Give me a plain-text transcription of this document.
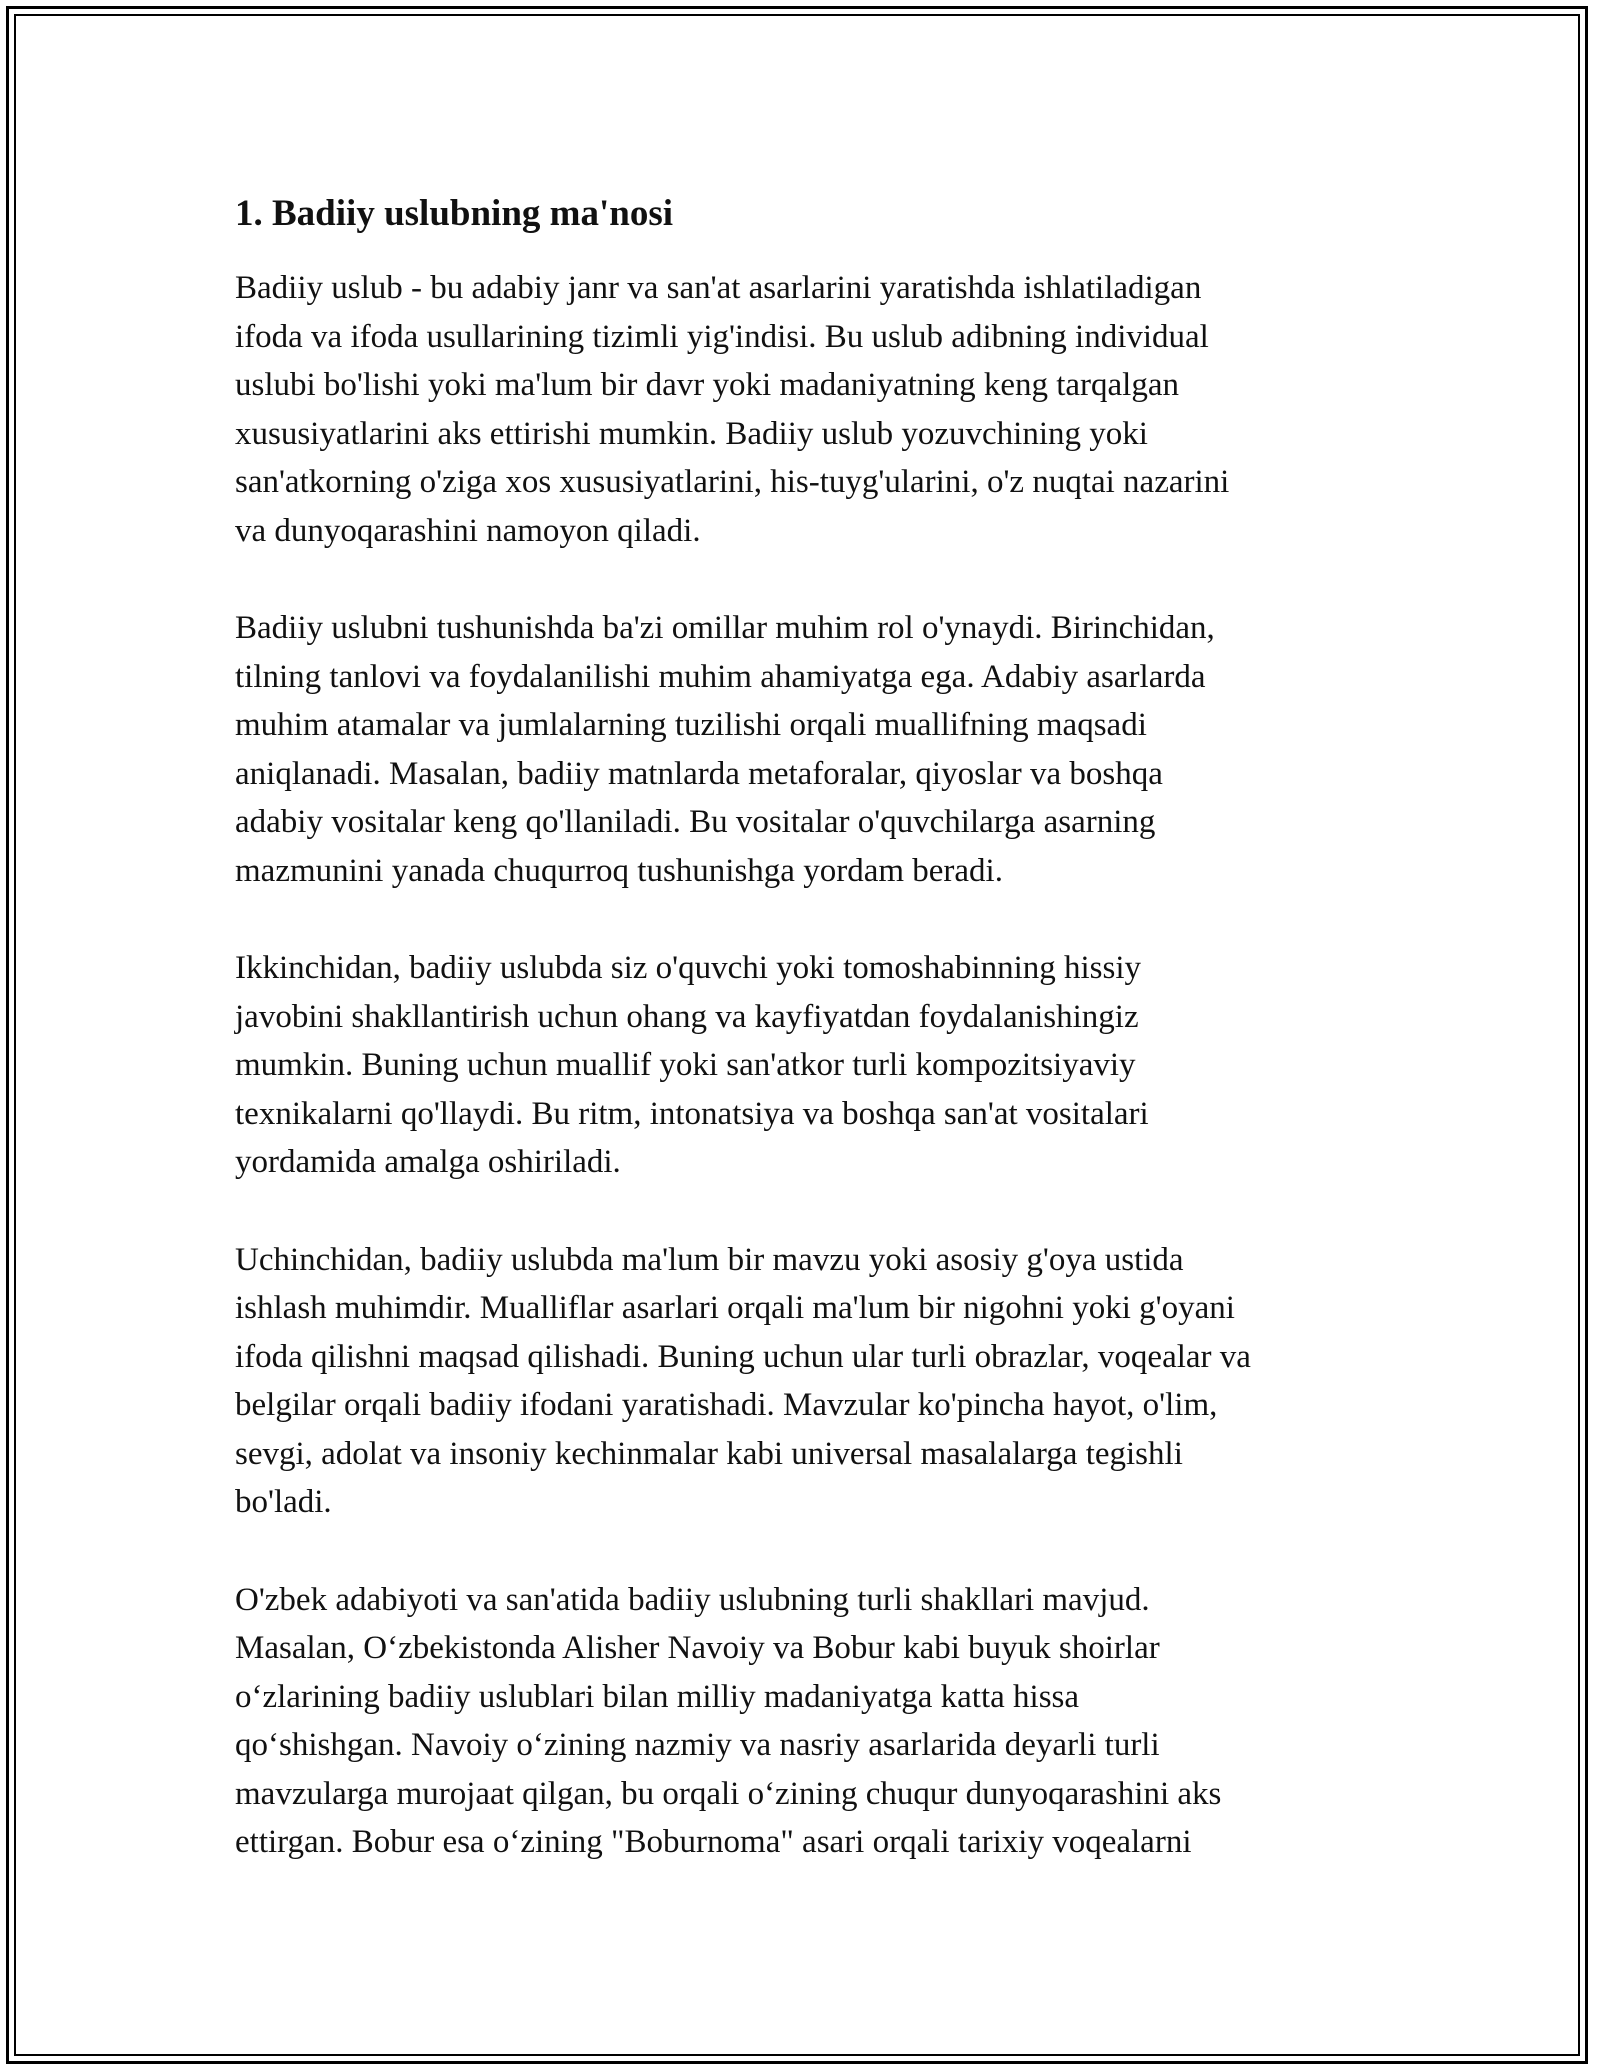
1. Badiiy uslubning ma'nosi

Badiiy uslub - bu adabiy janr va san'at asarlarini yaratishda ishlatiladigan
ifoda va ifoda usullarining tizimli yig'indisi. Bu uslub adibning individual
uslubi bo'lishi yoki ma'lum bir davr yoki madaniyatning keng tarqalgan
xususiyatlarini aks ettirishi mumkin. Badiiy uslub yozuvchining yoki
san'atkorning o'ziga xos xususiyatlarini, his-tuyg'ularini, o'z nuqtai nazarini
va dunyoqarashini namoyon qiladi.

Badiiy uslubni tushunishda ba'zi omillar muhim rol o'ynaydi. Birinchidan,
tilning tanlovi va foydalanilishi muhim ahamiyatga ega. Adabiy asarlarda
muhim atamalar va jumlalarning tuzilishi orqali muallifning maqsadi
aniqlanadi. Masalan, badiiy matnlarda metaforalar, qiyoslar va boshqa
adabiy vositalar keng qo'llaniladi. Bu vositalar o'quvchilarga asarning
mazmunini yanada chuqurroq tushunishga yordam beradi.

Ikkinchidan, badiiy uslubda siz o'quvchi yoki tomoshabinning hissiy
javobini shakllantirish uchun ohang va kayfiyatdan foydalanishingiz
mumkin. Buning uchun muallif yoki san'atkor turli kompozitsiyaviy
texnikalarni qo'llaydi. Bu ritm, intonatsiya va boshqa san'at vositalari
yordamida amalga oshiriladi.

Uchinchidan, badiiy uslubda ma'lum bir mavzu yoki asosiy g'oya ustida
ishlash muhimdir. Mualliflar asarlari orqali ma'lum bir nigohni yoki g'oyani
ifoda qilishni maqsad qilishadi. Buning uchun ular turli obrazlar, voqealar va
belgilar orqali badiiy ifodani yaratishadi. Mavzular ko'pincha hayot, o'lim,
sevgi, adolat va insoniy kechinmalar kabi universal masalalarga tegishli
bo'ladi.

O'zbek adabiyoti va san'atida badiiy uslubning turli shakllari mavjud.
Masalan, O‘zbekistonda Alisher Navoiy va Bobur kabi buyuk shoirlar
o‘zlarining badiiy uslublari bilan milliy madaniyatga katta hissa
qo‘shishgan. Navoiy o‘zining nazmiy va nasriy asarlarida deyarli turli
mavzularga murojaat qilgan, bu orqali o‘zining chuqur dunyoqarashini aks
ettirgan. Bobur esa o‘zining "Boburnoma" asari orqali tarixiy voqealarni
